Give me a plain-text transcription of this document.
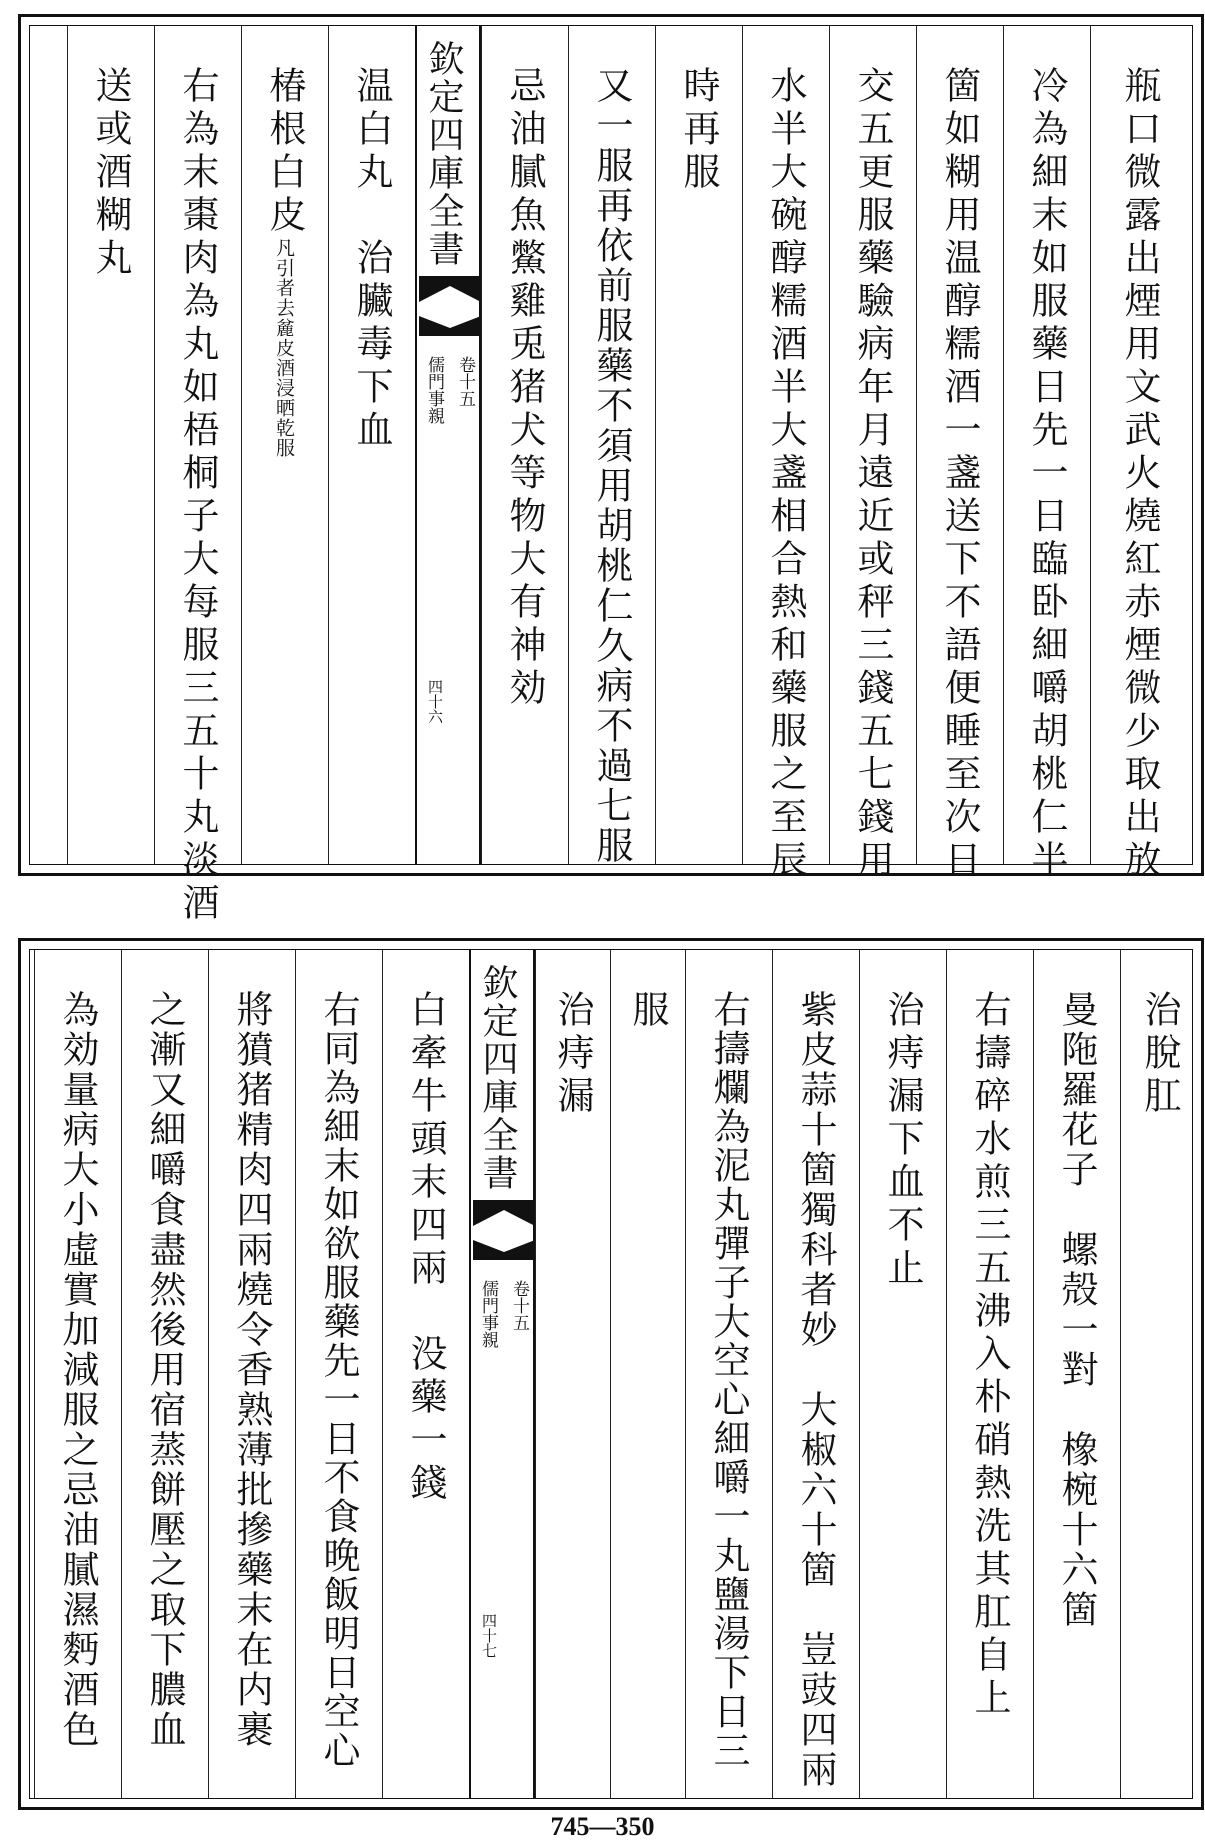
瓶口微露出煙用文武火燒紅赤煙微少取出放
冷為細末如服藥日先一日臨卧細嚼胡桃仁半
箇如糊用温醇糯酒一盞送下不語便睡至次日
交五更服藥驗病年月遠近或秤三錢五七錢用
水半大碗醇糯酒半大盞相合熱和藥服之至辰
時再服
又一服再依前服藥不須用胡桃仁久病不過七服
忌油膩魚鱉雞兎猪犬等物大有神効
欽定四庫全書
儒門事親 卷十五
四十六
温白丸　治臟毒下血
椿根白皮凡引者去麄皮酒浸晒乾服
右為末棗肉為丸如梧桐子大每服三五十丸淡酒
送或酒糊丸
治脫肛
曼陁羅花子　螺殻一對　橡椀十六箇
右擣碎水煎三五沸入朴硝熱洗其肛自上
治痔漏下血不止
紫皮蒜十箇獨科者妙　大椒六十箇　豈豉四兩
右擣爛為泥丸彈子大空心細嚼一丸鹽湯下日三
服
治痔漏
欽定四庫全書
儒門事親 卷十五
四十七
白牽牛頭末四兩　没藥一錢
右同為細末如欲服藥先一日不食晚飯明日空心
將獖猪精肉四兩燒令香熟薄批摻藥末在内裹
之漸又細嚼食盡然後用宿蒸餅壓之取下膿血
為効量病大小虛實加減服之忌油膩濕麪酒色
745—350
